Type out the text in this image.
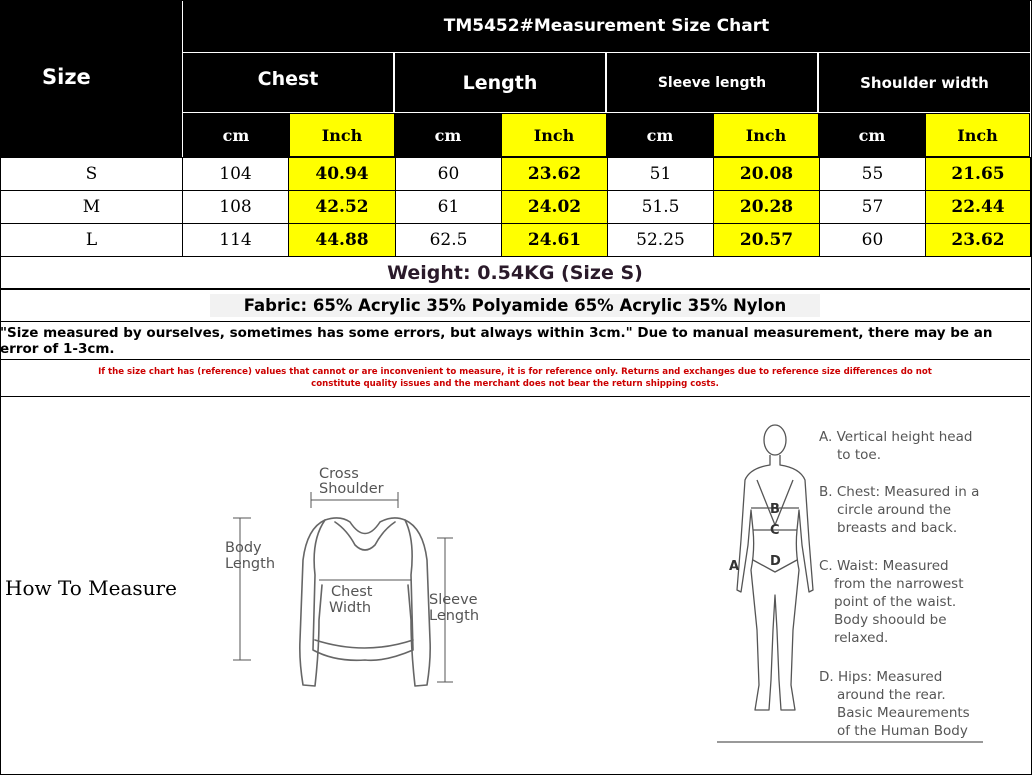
Size
TM5452#Measurement Size Chart
Chest	Length	Sleeve length	Shoulder width
cm	Inch	cm	Inch	cm	Inch	cm	Inch
S	104	40.94	60	23.62	51	20.08	55	21.65
M	108	42.52	61	24.02	51.5	20.28	57	22.44
L	114	44.88	62.5	24.61	52.25	20.57	60	23.62
Weight: 0.54KG (Size S)
Fabric: 65% Acrylic 35% Polyamide 65% Acrylic 35% Nylon
"Size measured by ourselves, sometimes has some errors, but always within 3cm." Due to manual measurement, there may be an error of 1-3cm.
If the size chart has (reference) values that cannot or are inconvenient to measure, it is for reference only. Returns and exchanges due to reference size differences do not
constitute quality issues and the merchant does not bear the return shipping costs.
How To Measure
Cross
Shoulder
Body
Length
Chest
Width	Sleeve
Length
B
C
D
A
A. Vertical height head
to toe.
B. Chest: Measured in a
circle around the
breasts and back.
C. Waist: Measured
from the narrowest
point of the waist.
Body shoould be
relaxed.
D. Hips: Measured
around the rear.
Basic Meaurements
of the Human Body
